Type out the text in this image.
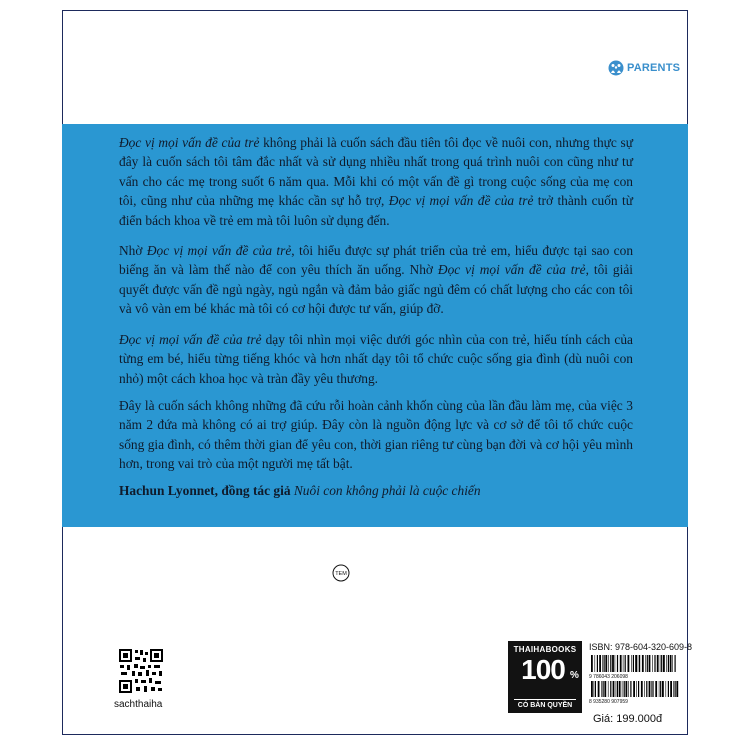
PARENTS

Đọc vị mọi vấn đề của trẻ không phải là cuốn sách đầu tiên tôi đọc về nuôi con, nhưng thực sự đây là cuốn sách tôi tâm đắc nhất và sử dụng nhiều nhất trong quá trình nuôi con cũng như tư vấn cho các mẹ trong suốt 6 năm qua. Mỗi khi có một vấn đề gì trong cuộc sống của mẹ con tôi, cũng như của những mẹ khác cần sự hỗ trợ, Đọc vị mọi vấn đề của trẻ trở thành cuốn từ điển bách khoa về trẻ em mà tôi luôn sử dụng đến.

Nhờ Đọc vị mọi vấn đề của trẻ, tôi hiểu được sự phát triển của trẻ em, hiểu được tại sao con biếng ăn và làm thế nào để con yêu thích ăn uống. Nhờ Đọc vị mọi vấn đề của trẻ, tôi giải quyết được vấn đề ngủ ngày, ngủ ngắn và đảm bảo giấc ngủ đêm có chất lượng cho các con tôi và vô vàn em bé khác mà tôi có cơ hội được tư vấn, giúp đỡ.

Đọc vị mọi vấn đề của trẻ dạy tôi nhìn mọi việc dưới góc nhìn của con trẻ, hiểu tính cách của từng em bé, hiểu từng tiếng khóc và hơn nhất dạy tôi tổ chức cuộc sống gia đình (dù nuôi con nhỏ) một cách khoa học và tràn đầy yêu thương.

Đây là cuốn sách không những đã cứu rỗi hoàn cảnh khốn cùng của lần đầu làm mẹ, của việc 3 năm 2 đứa mà không có ai trợ giúp. Đây còn là nguồn động lực và cơ sở để tôi tổ chức cuộc sống gia đình, có thêm thời gian để yêu con, thời gian riêng tư cùng bạn đời và cơ hội yêu mình hơn, trong vai trò của một người mẹ tất bật.

Hachun Lyonnet, đồng tác giả Nuôi con không phải là cuộc chiến
TEM
sachthaiha
THAIHABOOKS
100 %
CÓ BẢN QUYỀN
ISBN: 978-604-320-609-8
9 786043 206098
8 935280 907959
Giá: 199.000đ
